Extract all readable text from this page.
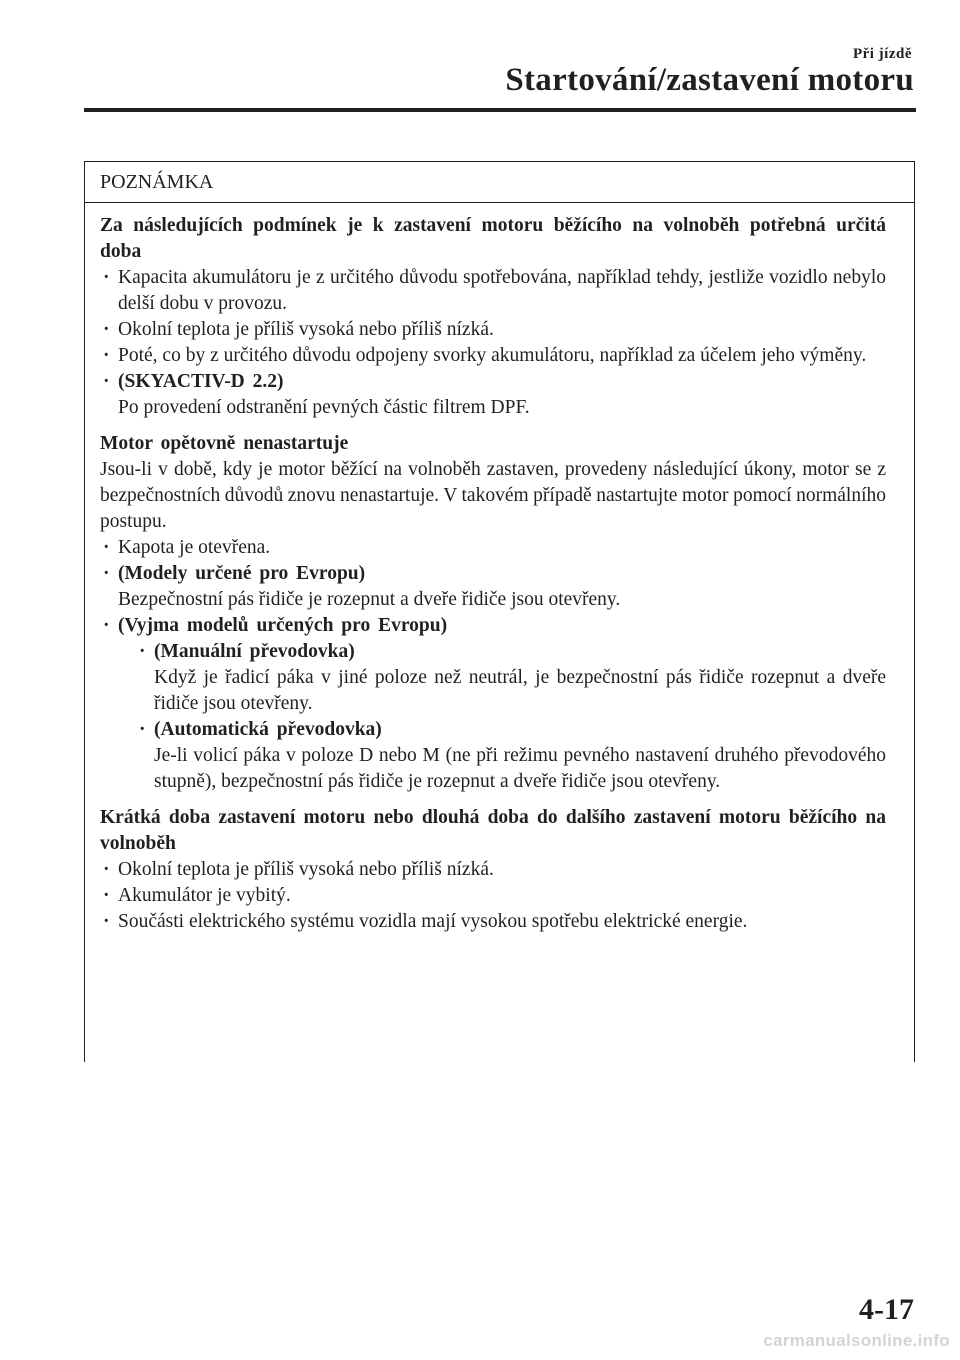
Při jízdě
Startování/zastavení motoru
POZNÁMKA
Za následujících podmínek je k zastavení motoru běžícího na volnoběh potřebná určitá doba
· Kapacita akumulátoru je z určitého důvodu spotřebována, například tehdy, jestliže vozidlo nebylo delší dobu v provozu.
· Okolní teplota je příliš vysoká nebo příliš nízká.
· Poté, co by z určitého důvodu odpojeny svorky akumulátoru, například za účelem jeho výměny.
· (SKYACTIV-D 2.2)
Po provedení odstranění pevných částic filtrem DPF.
Motor opětovně nenastartuje
Jsou-li v době, kdy je motor běžící na volnoběh zastaven, provedeny následující úkony, motor se z bezpečnostních důvodů znovu nenastartuje. V takovém případě nastartujte motor pomocí normálního postupu.
· Kapota je otevřena.
· (Modely určené pro Evropu)
Bezpečnostní pás řidiče je rozepnut a dveře řidiče jsou otevřeny.
· (Vyjma modelů určených pro Evropu)
· (Manuální převodovka)
Když je řadicí páka v jiné poloze než neutrál, je bezpečnostní pás řidiče rozepnut a dveře řidiče jsou otevřeny.
· (Automatická převodovka)
Je-li volicí páka v poloze D nebo M (ne při režimu pevného nastavení druhého převodového stupně), bezpečnostní pás řidiče je rozepnut a dveře řidiče jsou otevřeny.
Krátká doba zastavení motoru nebo dlouhá doba do dalšího zastavení motoru běžícího na volnoběh
· Okolní teplota je příliš vysoká nebo příliš nízká.
· Akumulátor je vybitý.
· Součásti elektrického systému vozidla mají vysokou spotřebu elektrické energie.
4-17
carmanualsonline.info
